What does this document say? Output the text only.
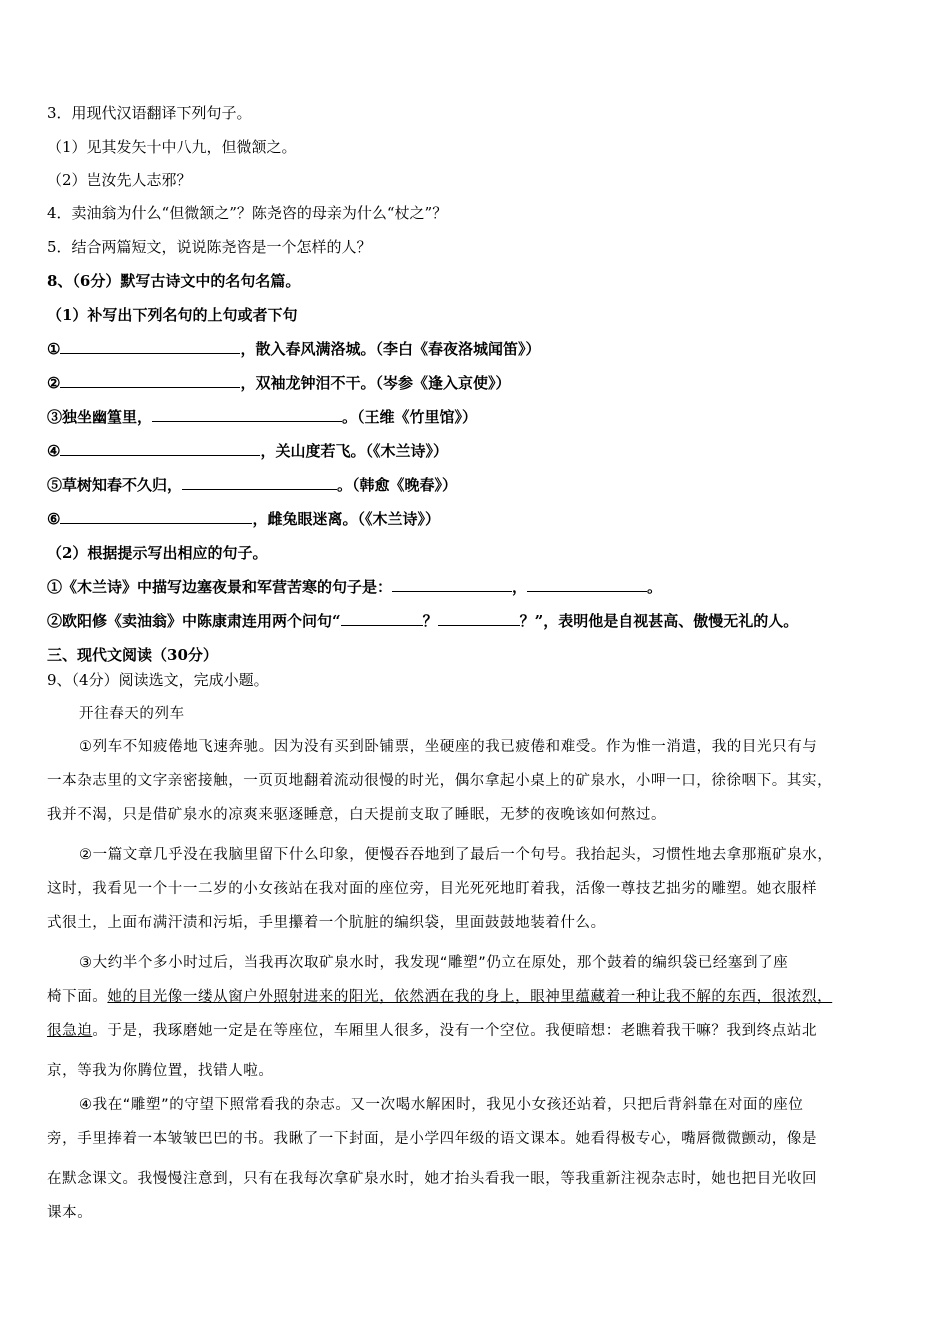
3．用现代汉语翻译下列句子。
（1）见其发矢十中八九，但微颔之。
（2）岂汝先人志邪？
4．卖油翁为什么“但微颔之”？陈尧咨的母亲为什么“杖之”？
5．结合两篇短文，说说陈尧咨是一个怎样的人？
8、（6分）默写古诗文中的名句名篇。
（1）补写出下列名句的上句或者下句
①	，散入春风满洛城。（李白《春夜洛城闻笛》）
②	，双袖龙钟泪不干。（岑参《逢入京使》）
③独坐幽篁里，	。（王维《竹里馆》）
④	，关山度若飞。（《木兰诗》）
⑤草树知春不久归，	。（韩愈《晚春》）
⑥	，雌兔眼迷离。（《木兰诗》）
（2）根据提示写出相应的句子。
①《木兰诗》中描写边塞夜景和军营苦寒的句子是：	，	。
②欧阳修《卖油翁》中陈康肃连用两个问句“	？	？”，表明他是自视甚高、傲慢无礼的人。
三、现代文阅读（30分）
9、（4分）阅读选文，完成小题。
开往春天的列车
①列车不知疲倦地飞速奔驰。因为没有买到卧铺票，坐硬座的我已疲倦和难受。作为惟一消遣，我的目光只有与
一本杂志里的文字亲密接触，一页页地翻着流动很慢的时光，偶尔拿起小桌上的矿泉水，小呷一口，徐徐咽下。其实，
我并不渴，只是借矿泉水的凉爽来驱逐睡意，白天提前支取了睡眠，无梦的夜晚该如何熬过。
②一篇文章几乎没在我脑里留下什么印象，便慢吞吞地到了最后一个句号。我抬起头，习惯性地去拿那瓶矿泉水，
这时，我看见一个十一二岁的小女孩站在我对面的座位旁，目光死死地盯着我，活像一尊技艺拙劣的雕塑。她衣服样
式很土，上面布满汗渍和污垢，手里攥着一个肮脏的编织袋，里面鼓鼓地装着什么。
③大约半个多小时过后，当我再次取矿泉水时，我发现“雕塑”仍立在原处，那个鼓着的编织袋已经塞到了座
椅下面。她的目光像一缕从窗户外照射进来的阳光，依然洒在我的身上，眼神里蕴藏着一种让我不解的东西，很浓烈，
很急迫。于是，我琢磨她一定是在等座位，车厢里人很多，没有一个空位。我便暗想：老瞧着我干嘛？我到终点站北
京，等我为你腾位置，找错人啦。
④我在“雕塑”的守望下照常看我的杂志。又一次喝水解困时，我见小女孩还站着，只把后背斜靠在对面的座位
旁，手里捧着一本皱皱巴巴的书。我瞅了一下封面，是小学四年级的语文课本。她看得极专心，嘴唇微微颤动，像是
在默念课文。我慢慢注意到，只有在我每次拿矿泉水时，她才抬头看我一眼，等我重新注视杂志时，她也把目光收回
课本。
